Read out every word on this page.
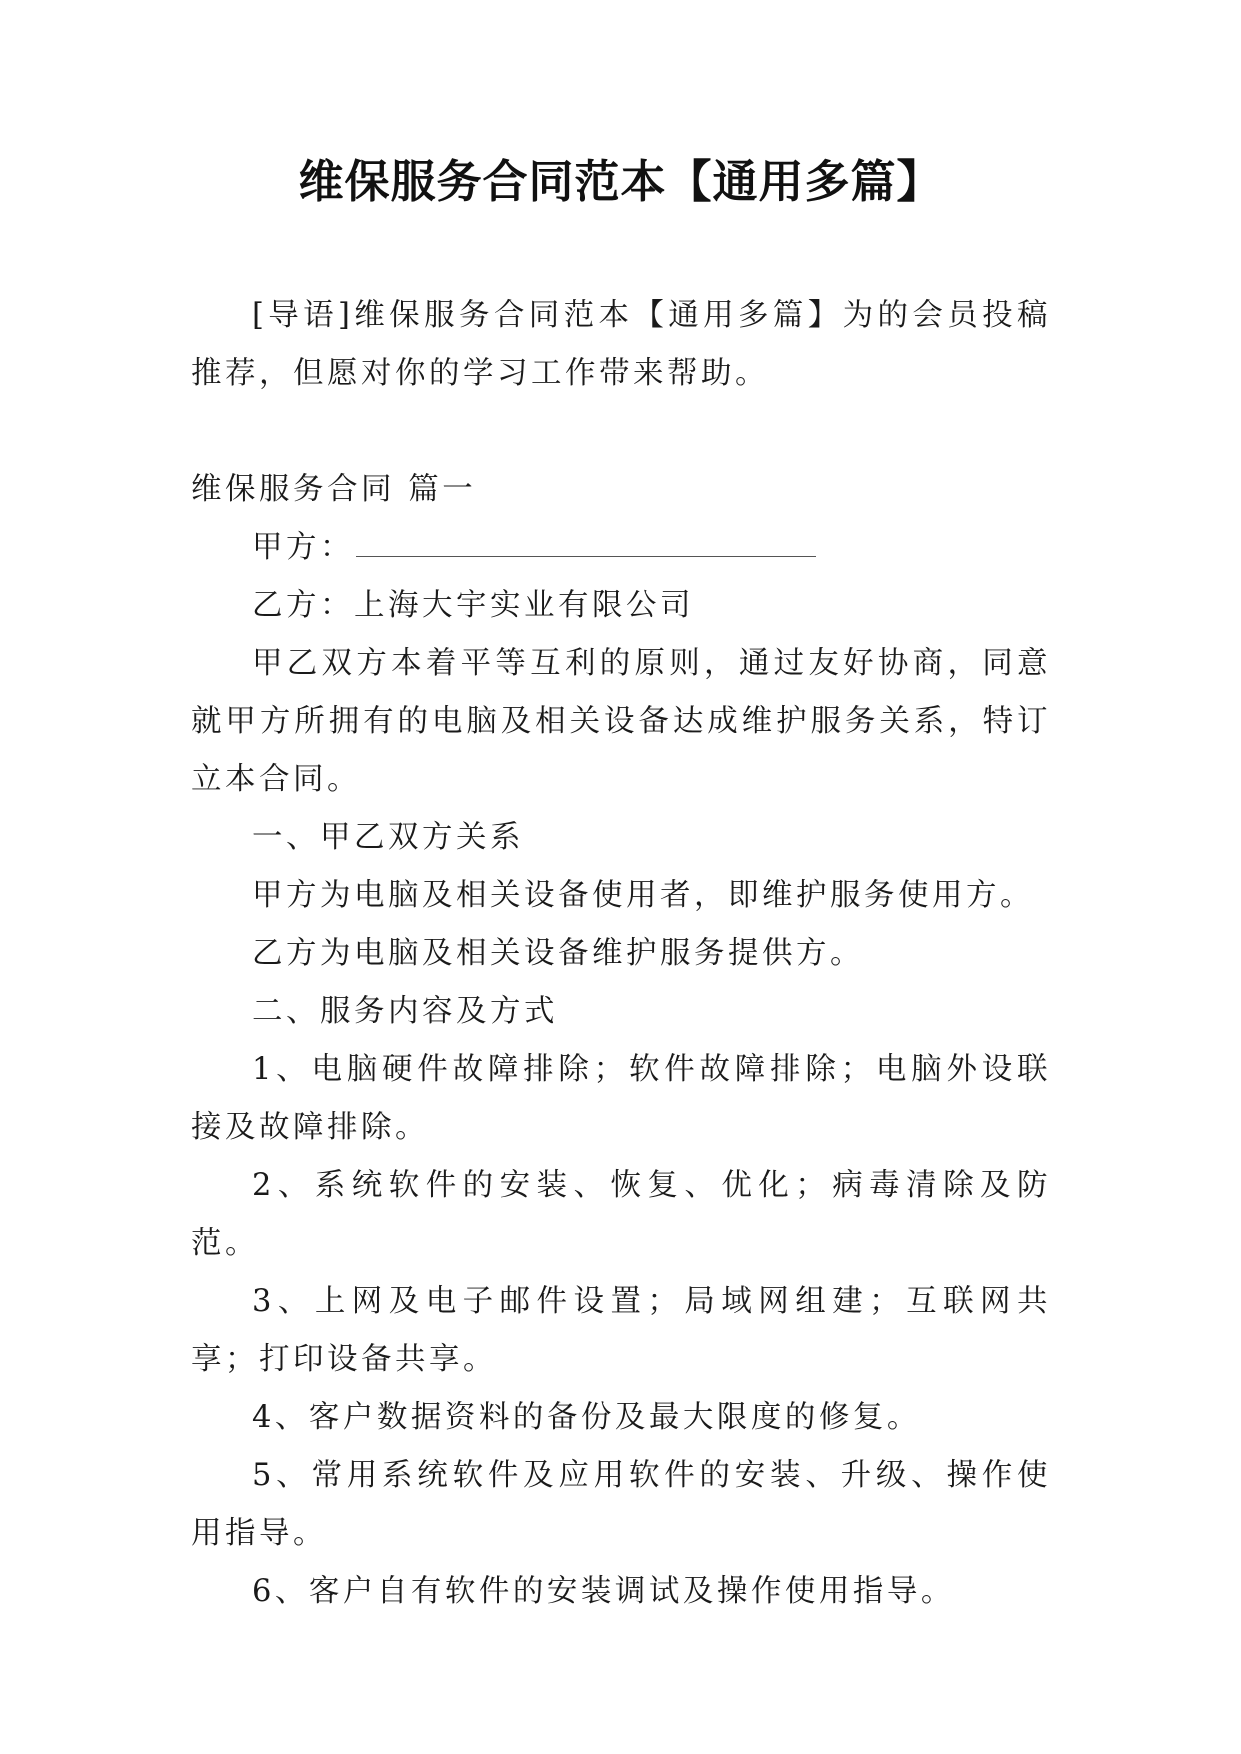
维保服务合同范本【通用多篇】

[导语]维保服务合同范本【通用多篇】为的会员投稿推荐，但愿对你的学习工作带来帮助。

维保服务合同 篇一

甲方：

乙方：上海大宇实业有限公司

甲乙双方本着平等互利的原则，通过友好协商，同意就甲方所拥有的电脑及相关设备达成维护服务关系，特订立本合同。

一、甲乙双方关系

甲方为电脑及相关设备使用者，即维护服务使用方。

乙方为电脑及相关设备维护服务提供方。

二、服务内容及方式

1、电脑硬件故障排除；软件故障排除；电脑外设联接及故障排除。

2、系统软件的安装、恢复、优化；病毒清除及防范。

3、上网及电子邮件设置；局域网组建；互联网共享；打印设备共享。

4、客户数据资料的备份及最大限度的修复。

5、常用系统软件及应用软件的安装、升级、操作使用指导。

6、客户自有软件的安装调试及操作使用指导。
